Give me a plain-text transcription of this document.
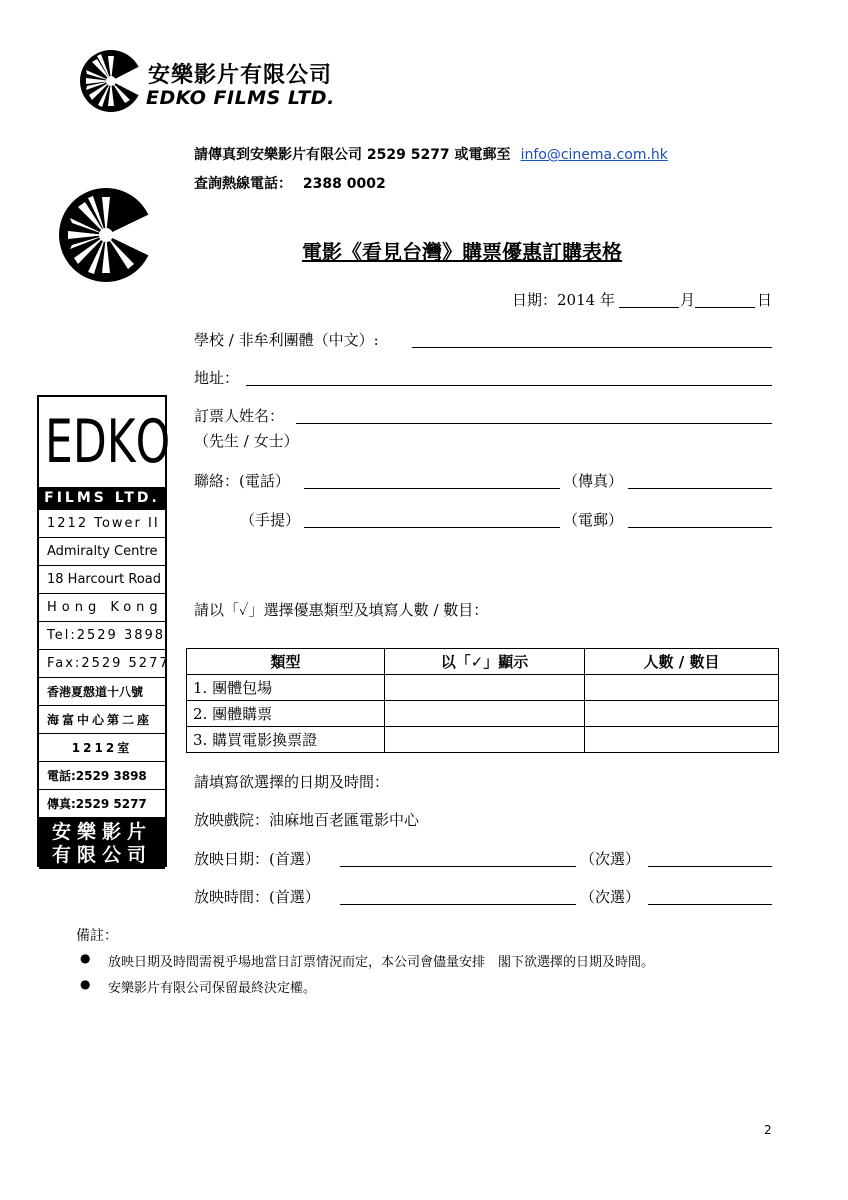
安樂影片有限公司
EDKO FILMS LTD.
請傳真到安樂影片有限公司 2529 5277 或電郵至 info@cinema.com.hk
查詢熱線電話： 2388 0002
電影《看見台灣》購票優惠訂購表格
日期：2014 年	月	日
學校 / 非牟利團體（中文）:
地址：
訂票人姓名：
（先生 / 女士）
聯絡：(電話）	（傳真）
（手提）	（電郵）
請以「✓」選擇優惠類型及填寫人數 / 數目：
E D K O
FILMS LTD.
1212 Tower II
Admiralty Centre
18 Harcourt Road
Hong Kong
Tel:2529 3898
Fax:2529 5277
香港夏慤道十八號
海富中心第二座
1212室
電話:2529 3898
傳真:2529 5277
安樂影片
有限公司
類型	以「✓」顯示	人數 / 數目
1. 團體包場		
2. 團體購票		
3. 購買電影換票證		
請填寫欲選擇的日期及時間：
放映戲院：油麻地百老匯電影中心
放映日期：(首選）	（次選）
放映時間：(首選）	（次選）
備註：
● 放映日期及時間需視乎場地當日訂票情況而定，本公司會儘量安排　閣下欲選擇的日期及時間。
● 安樂影片有限公司保留最終決定權。
2
